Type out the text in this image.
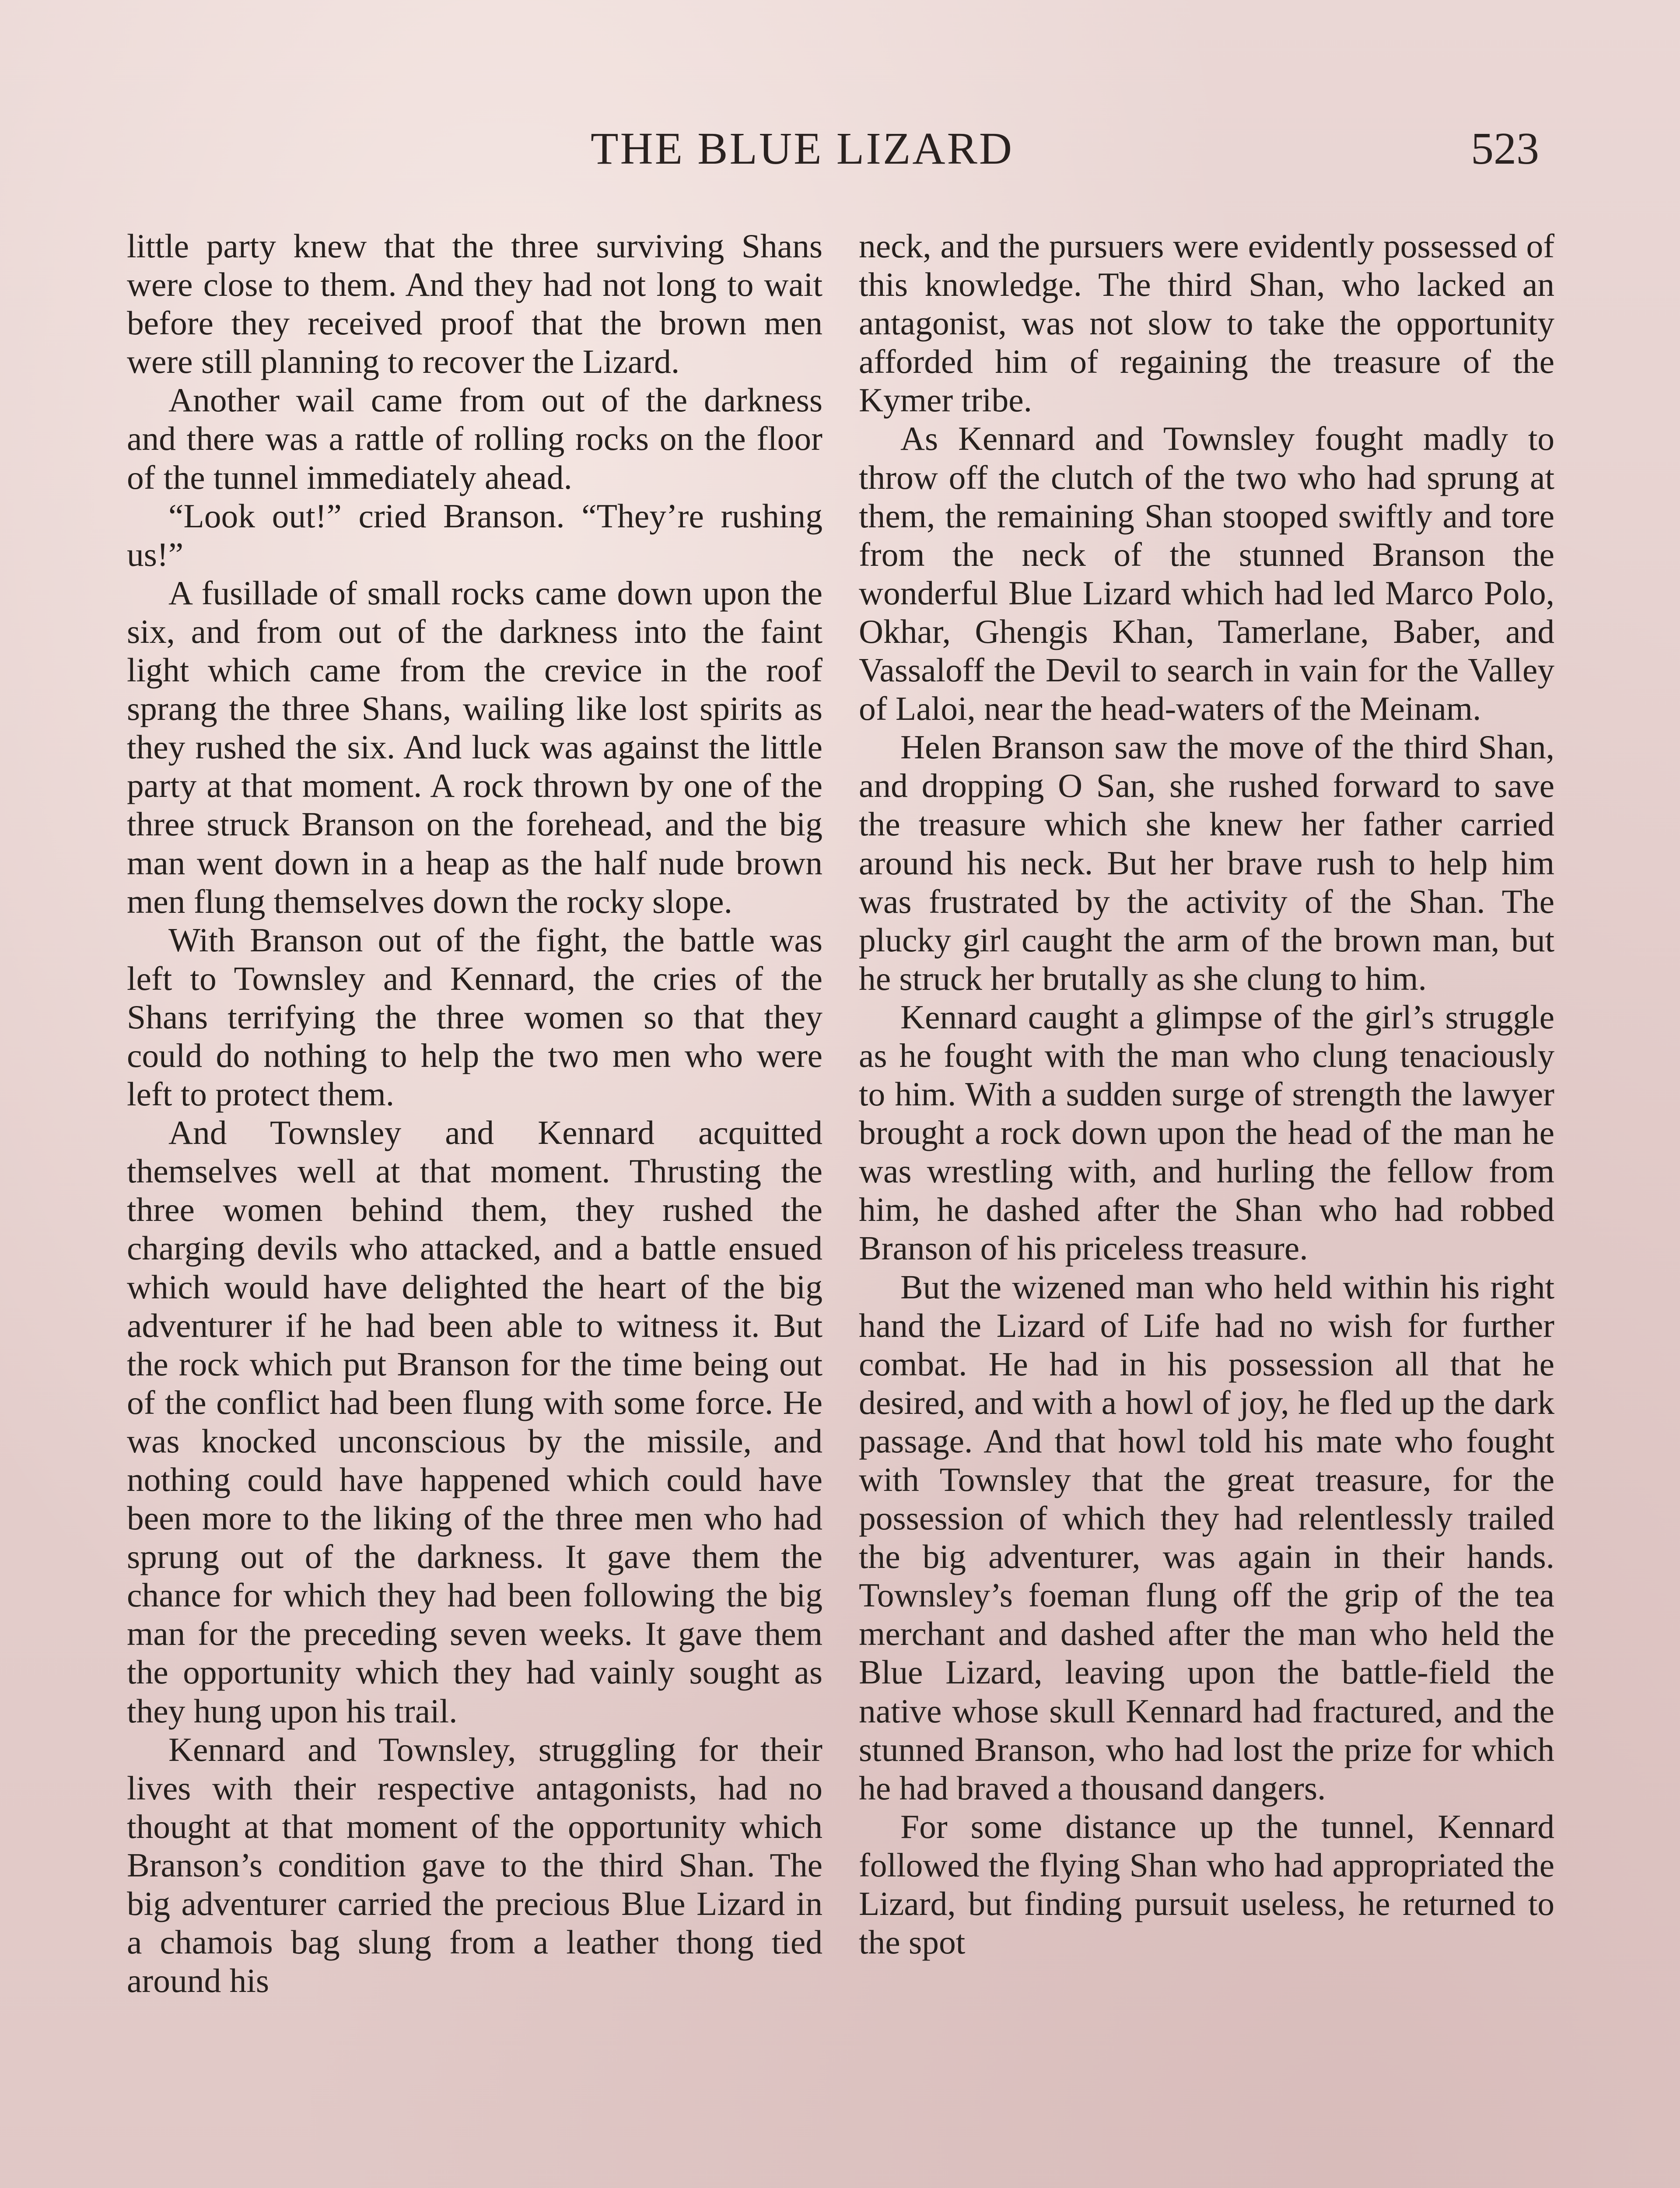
THE BLUE LIZARD	523

little party knew that the three surviving Shans were close to them. And they had not long to wait before they received proof that the brown men were still planning to recover the Lizard.

Another wail came from out of the darkness and there was a rattle of rolling rocks on the floor of the tunnel immediately ahead.

“Look out!” cried Branson. “They’re rushing us!”

A fusillade of small rocks came down upon the six, and from out of the darkness into the faint light which came from the crevice in the roof sprang the three Shans, wailing like lost spirits as they rushed the six. And luck was against the little party at that moment. A rock thrown by one of the three struck Branson on the forehead, and the big man went down in a heap as the half nude brown men flung themselves down the rocky slope.

With Branson out of the fight, the battle was left to Townsley and Kennard, the cries of the Shans terrifying the three women so that they could do nothing to help the two men who were left to protect them.

And Townsley and Kennard acquitted themselves well at that moment. Thrusting the three women behind them, they rushed the charging devils who attacked, and a battle ensued which would have delighted the heart of the big adventurer if he had been able to witness it. But the rock which put Branson for the time being out of the conflict had been flung with some force. He was knocked unconscious by the missile, and nothing could have happened which could have been more to the liking of the three men who had sprung out of the darkness. It gave them the chance for which they had been following the big man for the preceding seven weeks. It gave them the opportunity which they had vainly sought as they hung upon his trail.

Kennard and Townsley, struggling for their lives with their respective antagonists, had no thought at that moment of the opportunity which Branson’s condition gave to the third Shan. The big adventurer carried the precious Blue Lizard in a chamois bag slung from a leather thong tied around his

neck, and the pursuers were evidently possessed of this knowledge. The third Shan, who lacked an antagonist, was not slow to take the opportunity afforded him of regaining the treasure of the Kymer tribe.

As Kennard and Townsley fought madly to throw off the clutch of the two who had sprung at them, the remaining Shan stooped swiftly and tore from the neck of the stunned Branson the wonderful Blue Lizard which had led Marco Polo, Okhar, Ghengis Khan, Tamerlane, Baber, and Vassaloff the Devil to search in vain for the Valley of Laloi, near the head-waters of the Meinam.

Helen Branson saw the move of the third Shan, and dropping O San, she rushed forward to save the treasure which she knew her father carried around his neck. But her brave rush to help him was frustrated by the activity of the Shan. The plucky girl caught the arm of the brown man, but he struck her brutally as she clung to him.

Kennard caught a glimpse of the girl’s struggle as he fought with the man who clung tenaciously to him. With a sudden surge of strength the lawyer brought a rock down upon the head of the man he was wrestling with, and hurling the fellow from him, he dashed after the Shan who had robbed Branson of his priceless treasure.

But the wizened man who held within his right hand the Lizard of Life had no wish for further combat. He had in his possession all that he desired, and with a howl of joy, he fled up the dark passage. And that howl told his mate who fought with Townsley that the great treasure, for the possession of which they had relentlessly trailed the big adventurer, was again in their hands. Townsley’s foeman flung off the grip of the tea merchant and dashed after the man who held the Blue Lizard, leaving upon the battle-field the native whose skull Kennard had fractured, and the stunned Branson, who had lost the prize for which he had braved a thousand dangers.

For some distance up the tunnel, Kennard followed the flying Shan who had appropriated the Lizard, but finding pursuit useless, he returned to the spot
